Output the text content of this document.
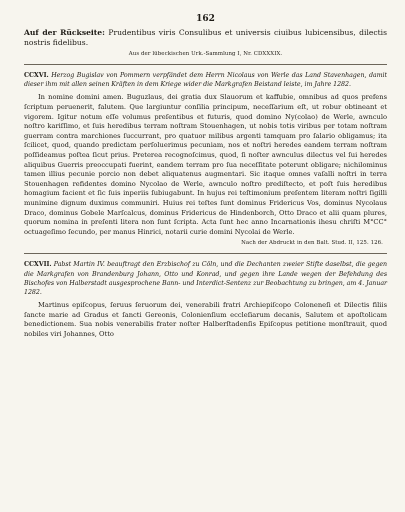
162
Auf der Rückseite: Prudentibus viris Consulibus et universis ciuibus lubicensibus, dilectis nostris fidelibus.
Aus der lübeckischen Urk.-Sammlung I, Nr. CDXXXIX.
CCXVI. Herzog Bugislav von Pommern verpfändet dem Herrn Nicolaus von Werle das Land Stavenhagen, damit dieser ihm mit allen seinen Kräften in dem Kriege wider die Markgrafen Beistand leiste, im Jahre 1282.
In nomine domini amen. Buguzlaus, dei gratia dux Slauorum et kaffubie, omnibus ad quos prefens ſcriptum peruenerit, falutem. Que largiuntur conſilia principum, neceſſarium eſt, ut robur obtineant et vigorem. Igitur notum eſſe volumus preſentibus et futuris, quod domino Ny(colao) de Werle, awnculo noſtro kariſſimo, et ſuis heredibus terram noſtram Stouenhagen, ut nobis totis viribus per totam noſtram guerram contra marchiones ſuccurrant, pro quatuor milibus argenti tamquam pro ſalario obligamus; ita ſcilicet, quod, quando predictam perſoluerimus pecuniam, nos et noſtri heredes eandem terram noſtram poſſideamus poſtea ſicut prius. Preterea recognoſcimus, quod, ſi noſter awnculus dilectus vel ſui heredes aliquibus Guerris preoccupati fuerint, eandem terram pro ſua neceſſitate poterunt obligare; nichilominus tamen illius pecunie porcio non debet aliquatenus augmentari. Sic itaque omnes vaſalli noſtri in terra Stouenhagen refidentes domino Nycolao de Werle, awnculo noſtro prediſtecto, et poſt ſuis heredibus homagium facient et ſic ſuis inperiis ſubiugabunt. In hujus rei teſtimonium preſentem literam noſtri ſigilli munimine dignum duximus communiri. Huius rei teſtes ſunt dominus Fridericus Vos, dominus Nycolaus Draco, dominus Gobele Marſcalcus, dominus Fridericus de Hindenborch, Otto Draco et alii quam plures, quorum nomina in preſenti litera non ſunt ſcripta. Acta ſunt hec anno Incarnationis ihesu chriſti M°CC° octuageſimo ſecundo, per manus Hinrici, notarii curie domini Nycolai de Werle.
Nach der Abdruckt in den Balt. Stud. II, 125. 126.
CCXVII. Pabst Martin IV. beauftragt den Erzbischof zu Cöln, und die Dechanten zweier Stifte daselbst, die gegen die Markgrafen von Brandenburg Johann, Otto und Konrad, und gegen ihre Lande wegen der Befehdung des Bischofes von Halberstadt ausgesprochene Bann- und Interdict-Sentenz zur Beobachtung zu bringen, am 4. Januar 1282.
Martinus epiſcopus, ſeruus ſeruorum dei, venerabili fratri Archiepiſcopo Coloneneſi et Dilectis filiis ſancte marie ad Gradus et ſancti Gereonis, Colonienſium eccleſiarum decanis, Salutem et apoſtolicam benedictionem. Sua nobis venerabilis frater noſter Halberſtadenſis Epiſcopus petitione monſtrauit, quod nobiles viri Johannes, Otto
